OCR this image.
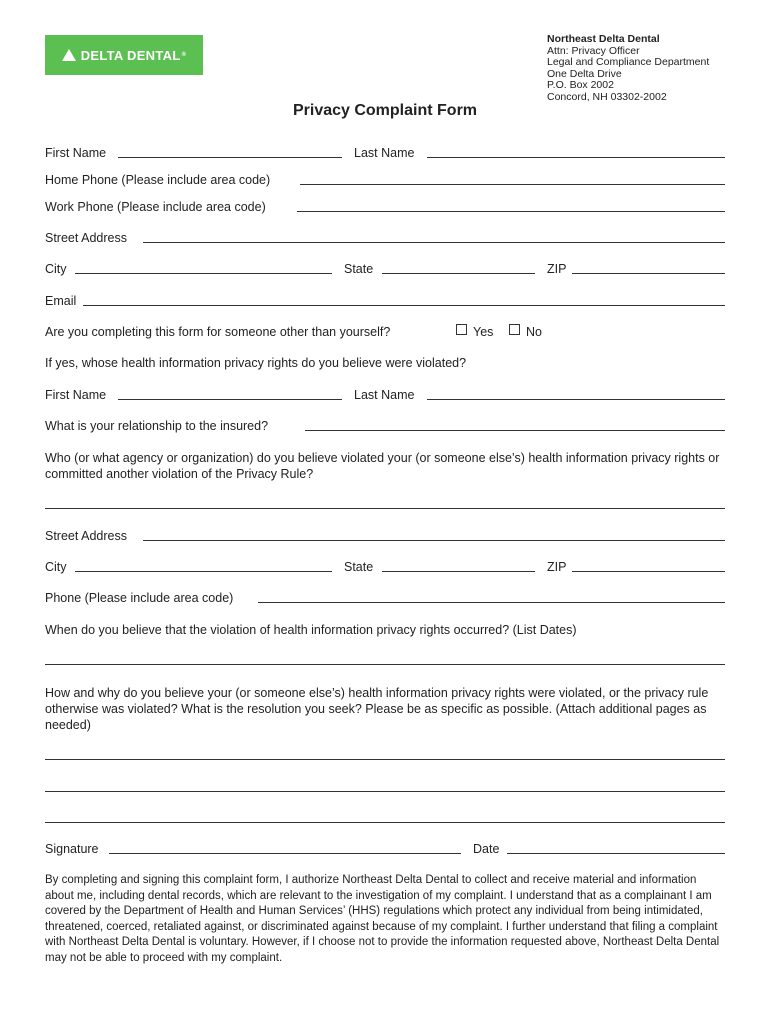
DELTA DENTAL ®
Northeast Delta Dental
Attn: Privacy Officer
Legal and Compliance Department
One Delta Drive
P.O. Box 2002
Concord, NH 03302-2002
Privacy Complaint Form
First Name	Last Name
Home Phone (Please include area code)
Work Phone (Please include area code)
Street Address
City	State	ZIP
Email
Are you completing this form for someone other than yourself?	Yes	No
If yes, whose health information privacy rights do you believe were violated?
First Name	Last Name
What is your relationship to the insured?
Who (or what agency or organization) do you believe violated your (or someone else’s) health information privacy rights or committed another violation of the Privacy Rule?
Street Address
City	State	ZIP
Phone (Please include area code)
When do you believe that the violation of health information privacy rights occurred? (List Dates)
How and why do you believe your (or someone else’s) health information privacy rights were violated, or the privacy rule otherwise was violated? What is the resolution you seek? Please be as specific as possible. (Attach additional pages as needed)
Signature	Date
By completing and signing this complaint form, I authorize Northeast Delta Dental to collect and receive material and information about me, including dental records, which are relevant to the investigation of my complaint. I understand that as a complainant I am covered by the Department of Health and Human Services’ (HHS) regulations which protect any individual from being intimidated, threatened, coerced, retaliated against, or discriminated against because of my complaint. I further understand that filing a complaint with Northeast Delta Dental is voluntary. However, if I choose not to provide the information requested above, Northeast Delta Dental may not be able to proceed with my complaint.
